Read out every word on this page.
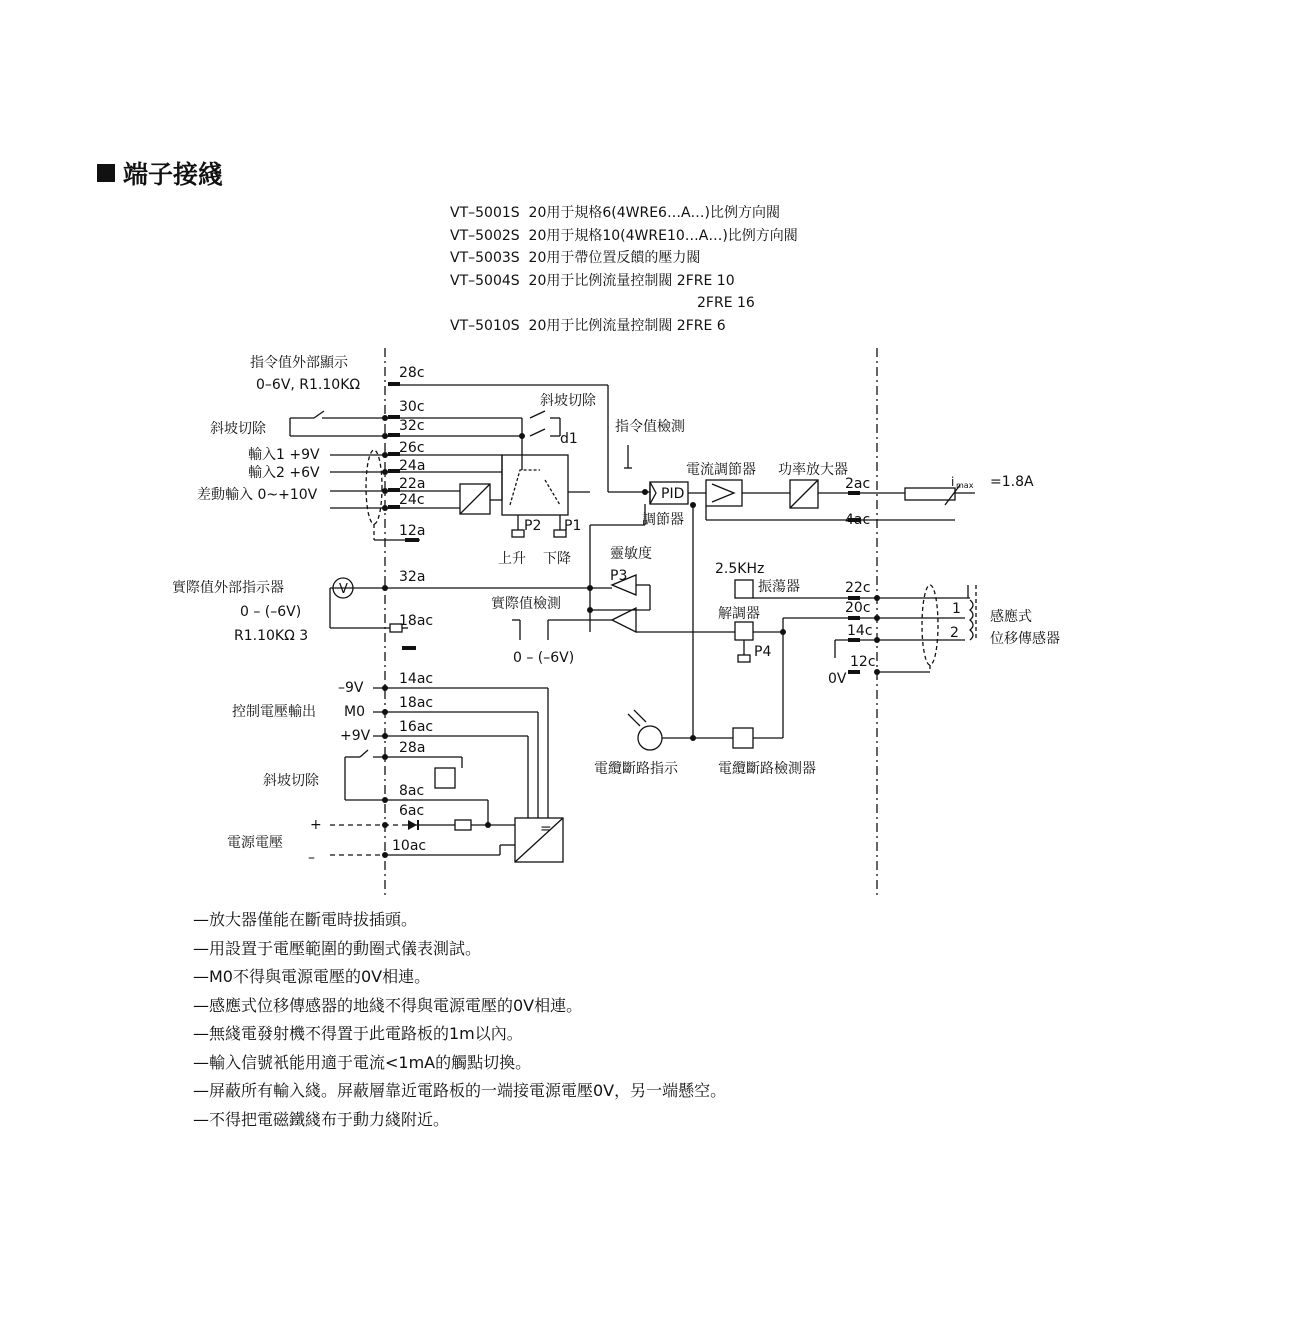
端子接綫
VT–5001S  20用于規格6(4WRE6…A…)比例方向閥
VT–5002S  20用于規格10(4WRE10…A…)比例方向閥
VT–5003S  20用于帶位置反饋的壓力閥
VT–5004S  20用于比例流量控制閥 2FRE 10
2FRE 16
VT–5010S  20用于比例流量控制閥 2FRE 6
指令值外部顯示
0–6V, R1.10KΩ
斜坡切除
輸入1 +9V
輸入2 +6V
差動輸入 0~+10V
實際值外部指示器
0 – (–6V)
R1.10KΩ 3
–9V
控制電壓輸出 M0
+9V
斜坡切除
+
電源電壓
–
28c
30c
32c
26c
24a
22a
24c
12a
32a
18ac
14ac
18ac
16ac
28a
8ac
6ac
10ac
2ac
4ac
22c
20c
14c
12c
斜坡切除
d1
指令值檢測
電流調節器 功率放大器
PID
調節器
P2 P1
上升 下降	靈敏度
P3
實際值檢測
0 – (–6V)
2.5KHz
振蕩器
解調器
P4
i max =1.8A
1
2
感應式
位移傳感器
0V
電纜斷路指示	電纜斷路檢測器
=
V
—放大器僅能在斷電時拔插頭。
—用設置于電壓範圍的動圈式儀表測試。
—M0不得與電源電壓的0V相連。
—感應式位移傳感器的地綫不得與電源電壓的0V相連。
—無綫電發射機不得置于此電路板的1m以內。
—輸入信號衹能用適于電流<1mA的觸點切換。
—屏蔽所有輸入綫。屏蔽層靠近電路板的一端接電源電壓0V，另一端懸空。
—不得把電磁鐵綫布于動力綫附近。
